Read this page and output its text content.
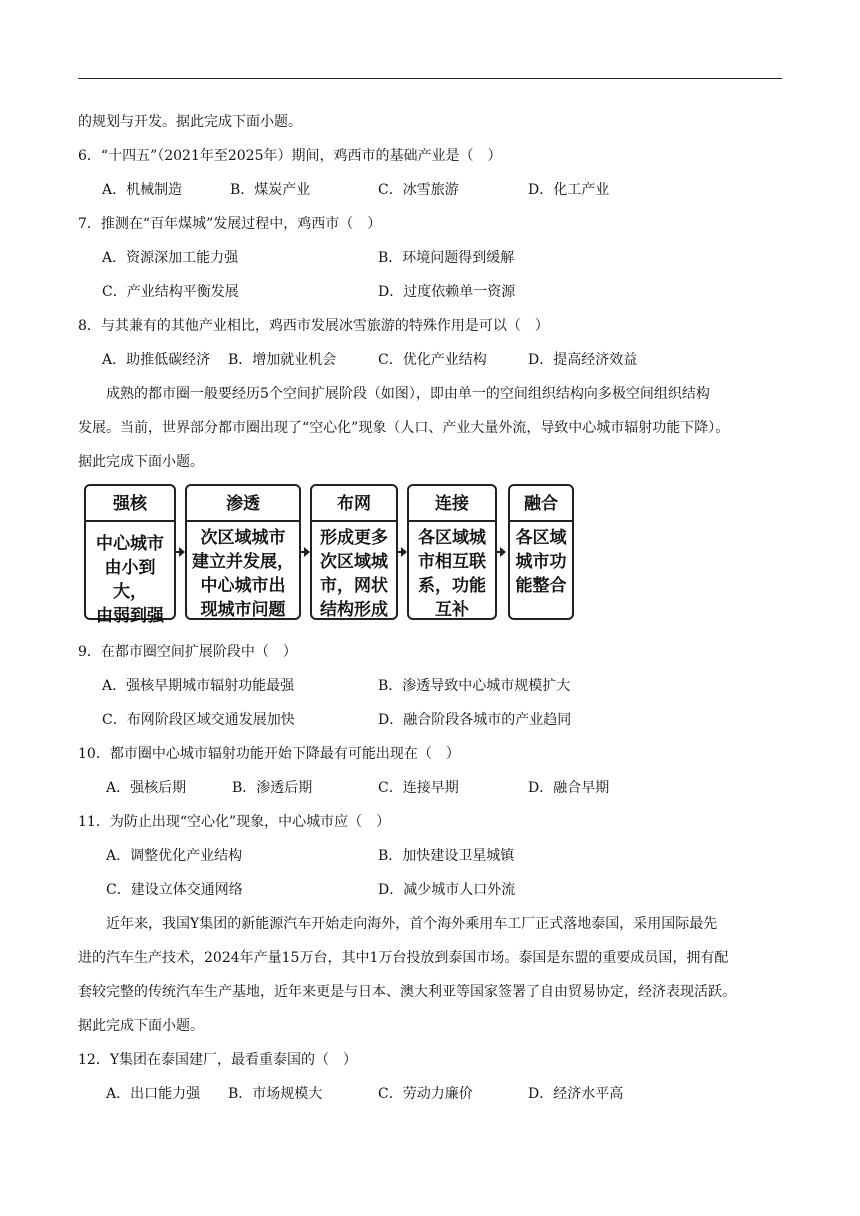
的规划与开发。据此完成下面小题。
6．“十四五”（2021年至2025年）期间，鸡西市的基础产业是（　）
A．机械制造	B．煤炭产业	C．冰雪旅游	D．化工产业
7．推测在“百年煤城”发展过程中，鸡西市（　）
A．资源深加工能力强	B．环境问题得到缓解
C．产业结构平衡发展	D．过度依赖单一资源
8．与其兼有的其他产业相比，鸡西市发展冰雪旅游的特殊作用是可以（　）
A．助推低碳经济 B．增加就业机会	C．优化产业结构	D．提高经济效益
成熟的都市圈一般要经历5个空间扩展阶段（如图），即由单一的空间组织结构向多极空间组织结构
发展。当前，世界部分都市圈出现了“空心化”现象（人口、产业大量外流，导致中心城市辐射功能下降）。
据此完成下面小题。
强核
中心城市
由小到大，
由弱到强
渗透
次区域城市
建立并发展，
中心城市出
现城市问题
布网
形成更多
次区域城
市，网状
结构形成
连接
各区域城
市相互联
系，功能
互补
融合
各区域
城市功
能整合
9．在都市圈空间扩展阶段中（　）
A．强核早期城市辐射功能最强	B．渗透导致中心城市规模扩大
C．布网阶段区域交通发展加快	D．融合阶段各城市的产业趋同
10．都市圈中心城市辐射功能开始下降最有可能出现在（　）
A．强核后期	B．渗透后期	C．连接早期	D．融合早期
11．为防止出现“空心化”现象，中心城市应（　）
A．调整优化产业结构	B．加快建设卫星城镇
C．建设立体交通网络	D．减少城市人口外流
近年来，我国Y集团的新能源汽车开始走向海外，首个海外乘用车工厂正式落地泰国，采用国际最先
进的汽车生产技术，2024年产量15万台，其中1万台投放到泰国市场。泰国是东盟的重要成员国，拥有配
套较完整的传统汽车生产基地，近年来更是与日本、澳大利亚等国家签署了自由贸易协定，经济表现活跃。
据此完成下面小题。
12．Y集团在泰国建厂，最看重泰国的（　）
A．出口能力强 B．市场规模大	C．劳动力廉价	D．经济水平高
